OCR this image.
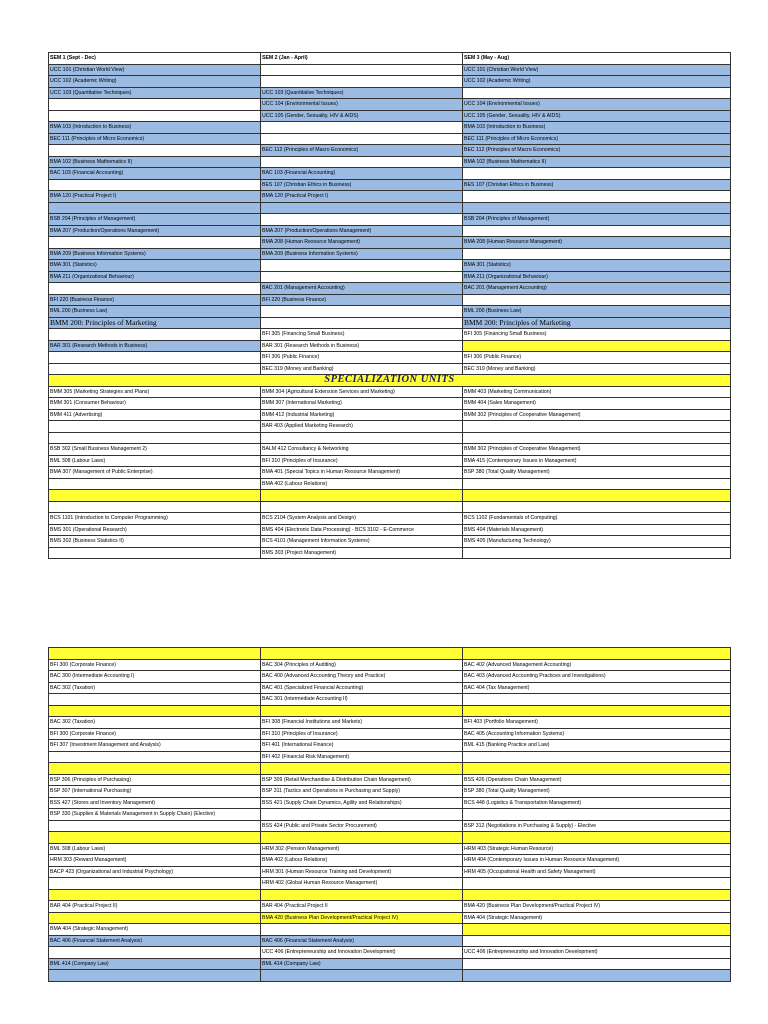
SEM 1 (Sept - Dec)	SEM 2 (Jan - April)	SEM 3 (May - Aug)
UCC 101 (Christian World View)		UCC 101 (Christian World View)
UCC 102 (Academic Writing)		UCC 102 (Academic Writing)
UCC 103 (Quantitative Techniques)	UCC 103 (Quantitative Techniques)	
	UCC 104 (Environmental Issues)	UCC 104 (Environmental Issues)
	UCC 105 (Gender, Sexuality, HIV & AIDS)	UCC 105 (Gender, Sexuality, HIV & AIDS)
BMA 103 (Introduction to Business)		BMA 103 (Introduction to Business)
BEC 111 (Principles of Micro Economics)		BEC 111 (Principles of Micro Economics)
	BEC 112 (Principles of Macro Economics)	BEC 112 (Principles of Macro Economics)
BMA 102 (Business Mathematics II)		BMA 102 (Business Mathematics II)
BAC 103 (Financial Accounting)	BAC 103 (Financial Accounting)	
	BES 107 (Christian Ethics in Business)	BES 107 (Christian Ethics in Business)
BMA 120 (Practical Project I)	BMA 120 (Practical Project I)	

BSB 204 (Principles of Management)		BSB 204 (Principles of Management)
BMA 207 (Production/Operations Management)	BMA 207 (Production/Operations Management)	
	BMA 208 (Human Resource Management)	BMA 208 (Human Resource Management)
BMA 209 (Business Information Systems)	BMA 209 (Business Information Systems)	
BMA 301 (Statistics)		BMA 301 (Statistics)
BMA 211 (Organizational Behaviour)		BMA 211 (Organizational Behaviour)
	BAC 201 (Management Accounting)	BAC 201 (Management Accounting)
BFI 220 (Business Finance)	BFI 220 (Business Finance)	
BML 200 (Business Law)		BML 200 (Business Law)
BMM 200: Principles of Marketing		BMM 200: Principles of Marketing
	BFI 305 (Financing Small Business)	BFI 305 (Financing Small Business)
BAR 301 (Research Methods in Business)	BAR 301 (Research Methods in Business)	
	BFI 306 (Public Finance)	BFI 306 (Public Finance)
	BEC 319 (Money and Banking)	BEC 319 (Money and Banking)
SPECIALIZATION UNITS		
BMM 305 (Marketing Strategies and Plans)	BMM 304 (Agricultural Extension Services and Marketing)	BMM 403 (Marketing Communication)
BMM 301 (Consumer Behaviour)	BMM 307 (International Marketing)	BMM 404 (Sales Management)
BMM 411 (Advertising)	BMM 412 (Industrial Marketing)	BMM 302 (Principles of Cooperative Management)
	BAR 403 (Applied Marketing Research)	

BSB 302 (Small Business Management 2)	BALM 412 Consultancy & Networking	BMM 302 (Principles of Cooperative Management)
BML 308 (Labour Laws)	BFI 310 (Principles of Insurance)	BMA 415 (Contemporary Issues in Management)
BMA 307 (Management of Public Enterprise)	BMA 401 (Special Topics in Human Resource Management)	BSP 380 (Total Quality Management)
	BMA 402 (Labour Relations)	

BCS 1101 (Introduction to Computer Programming)	BCS 2104 (System Analysis and Design)	BCS 1102 (Fundamentals of Computing)
BMS 301 (Operational Research)	BMS 404 (Electronic Data Processing) - BCS 3102 - E-Commerce	BMS 404 (Materials Management)
BMS 302 (Business Statistics II)	BCS 4101 (Management Information Systems)	BMS 405 (Manufacturing Technology)
	BMS 303 (Project Management)	

BFI 300 (Corporate Finance)	BAC 304 (Principles of Auditing)	BAC 402 (Advanced Management Accounting)
BAC 300 (Intermediate Accounting I)	BAC 400 (Advanced Accounting Theory and Practice)	BAC 403 (Advanced Accounting Practices and Investigations)
BAC 302 (Taxation)	BAC 401 (Specialized Financial Accounting)	BAC 404 (Tax Management)
	BAC 301 (Intermediate Accounting II)	

BAC 302 (Taxation)	BFI 308 (Financial Institutions and Markets)	BFI 403 (Portfolio Management)
BFI 300 (Corporate Finance)	BFI 310 (Principles of Insurance)	BAC 405 (Accounting Information Systems)
BFI 307 (Investment Management and Analysis)	BFI 401 (International Finance)	BML 415 (Banking Practice and Law)
	BFI 402 (Financial Risk Management)	

BSP 306 (Principles of Purchasing)	BSP 309 (Retail Merchandise & Distribution Chain Management)	BSS 426 (Operations Chain Management)
BSP 307 (International Purchasing)	BSP 311 (Tactics and Operations in Purchasing and Supply)	BSP 380 (Total Quality Management)
BSS 427 (Stores and Inventory Management)	BSS 421 (Supply Chain Dynamics, Agility and Relationships)	BCS 448 (Logistics & Transportation Management)
BSP 330 (Supplies & Materials Management in Supply Chain) (Elective)		
	BSS 424 (Public and Private Sector Procurement)	BSP 312 (Negotiations in Purchasing & Supply) - Elective

BML 308 (Labour Laws)	HRM 302 (Pension Management)	HRM 403 (Strategic Human Resource)
HRM 303 (Reward Management)	BMA 402 (Labour Relations)	HRM 404 (Contemporary Issues in Human Resource Management)
BACP 423 (Organizational and Industrial Psychology)	HRM 301 (Human Resource Training and Development)	HRM 405 (Occupational Health and Safety Management)
	HRM 402 (Global Human Resource Management)	

BAR 404 (Practical Project II)	BAR 404 (Practical Project II	BMA 420 (Business Plan Development/Practical Project IV)
	BMA 420 (Business Plan Development/Practical Project IV)	BMA 404 (Strategic Management)
BMA 404 (Strategic Management)		
BAC 406 (Financial Statement Analysis)	BAC 406 (Financial Statement Analysis)	
	UCC 406 (Entrepreneurship and Innovation Development)	UCC 406 (Entrepreneurship and Innovation Development)
BML 414 (Company Law)	BML 414 (Company Law)	
